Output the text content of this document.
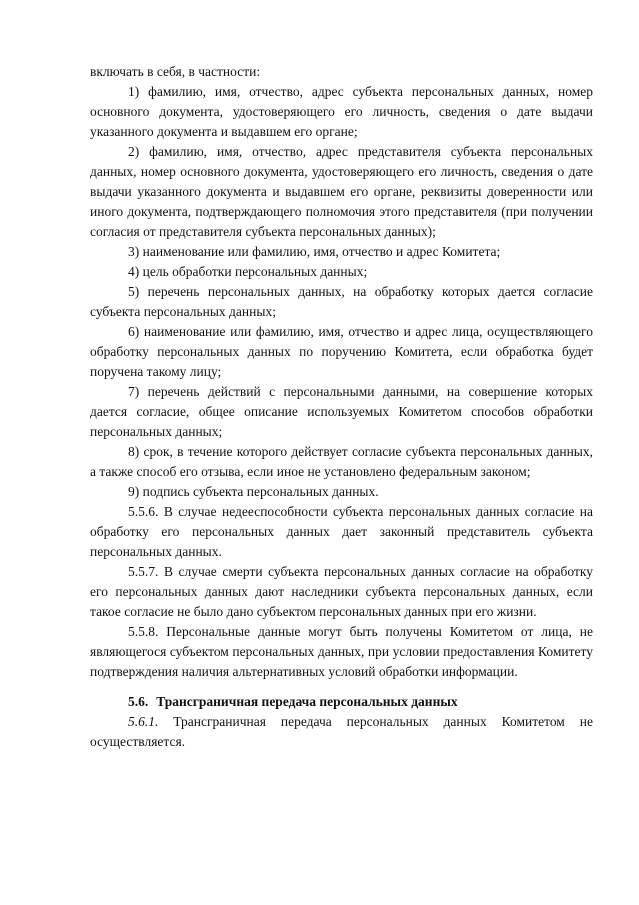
включать в себя, в частности:

1) фамилию, имя, отчество, адрес субъекта персональных данных, номер основного документа, удостоверяющего его личность, сведения о дате выдачи указанного документа и выдавшем его органе;

2) фамилию, имя, отчество, адрес представителя субъекта персональных данных, номер основного документа, удостоверяющего его личность, сведения о дате выдачи указанного документа и выдавшем его органе, реквизиты доверенности или иного документа, подтверждающего полномочия этого представителя (при получении согласия от представителя субъекта персональных данных);

3) наименование или фамилию, имя, отчество и адрес Комитета;

4) цель обработки персональных данных;

5) перечень персональных данных, на обработку которых дается согласие субъекта персональных данных;

6) наименование или фамилию, имя, отчество и адрес лица, осуществляющего обработку персональных данных по поручению Комитета, если обработка будет поручена такому лицу;

7) перечень действий с персональными данными, на совершение которых дается согласие, общее описание используемых Комитетом способов обработки персональных данных;

8) срок, в течение которого действует согласие субъекта персональных данных, а также способ его отзыва, если иное не установлено федеральным законом;

9) подпись субъекта персональных данных.

5.5.6. В случае недееспособности субъекта персональных данных согласие на обработку его персональных данных дает законный представитель субъекта персональных данных.

5.5.7. В случае смерти субъекта персональных данных согласие на обработку его персональных данных дают наследники субъекта персональных данных, если такое согласие не было дано субъектом персональных данных при его жизни.

5.5.8. Персональные данные могут быть получены Комитетом от лица, не являющегося субъектом персональных данных, при условии предоставления Комитету подтверждения наличия альтернативных условий обработки информации.

5.6. Трансграничная передача персональных данных

5.6.1. Трансграничная передача персональных данных Комитетом не осуществляется.
